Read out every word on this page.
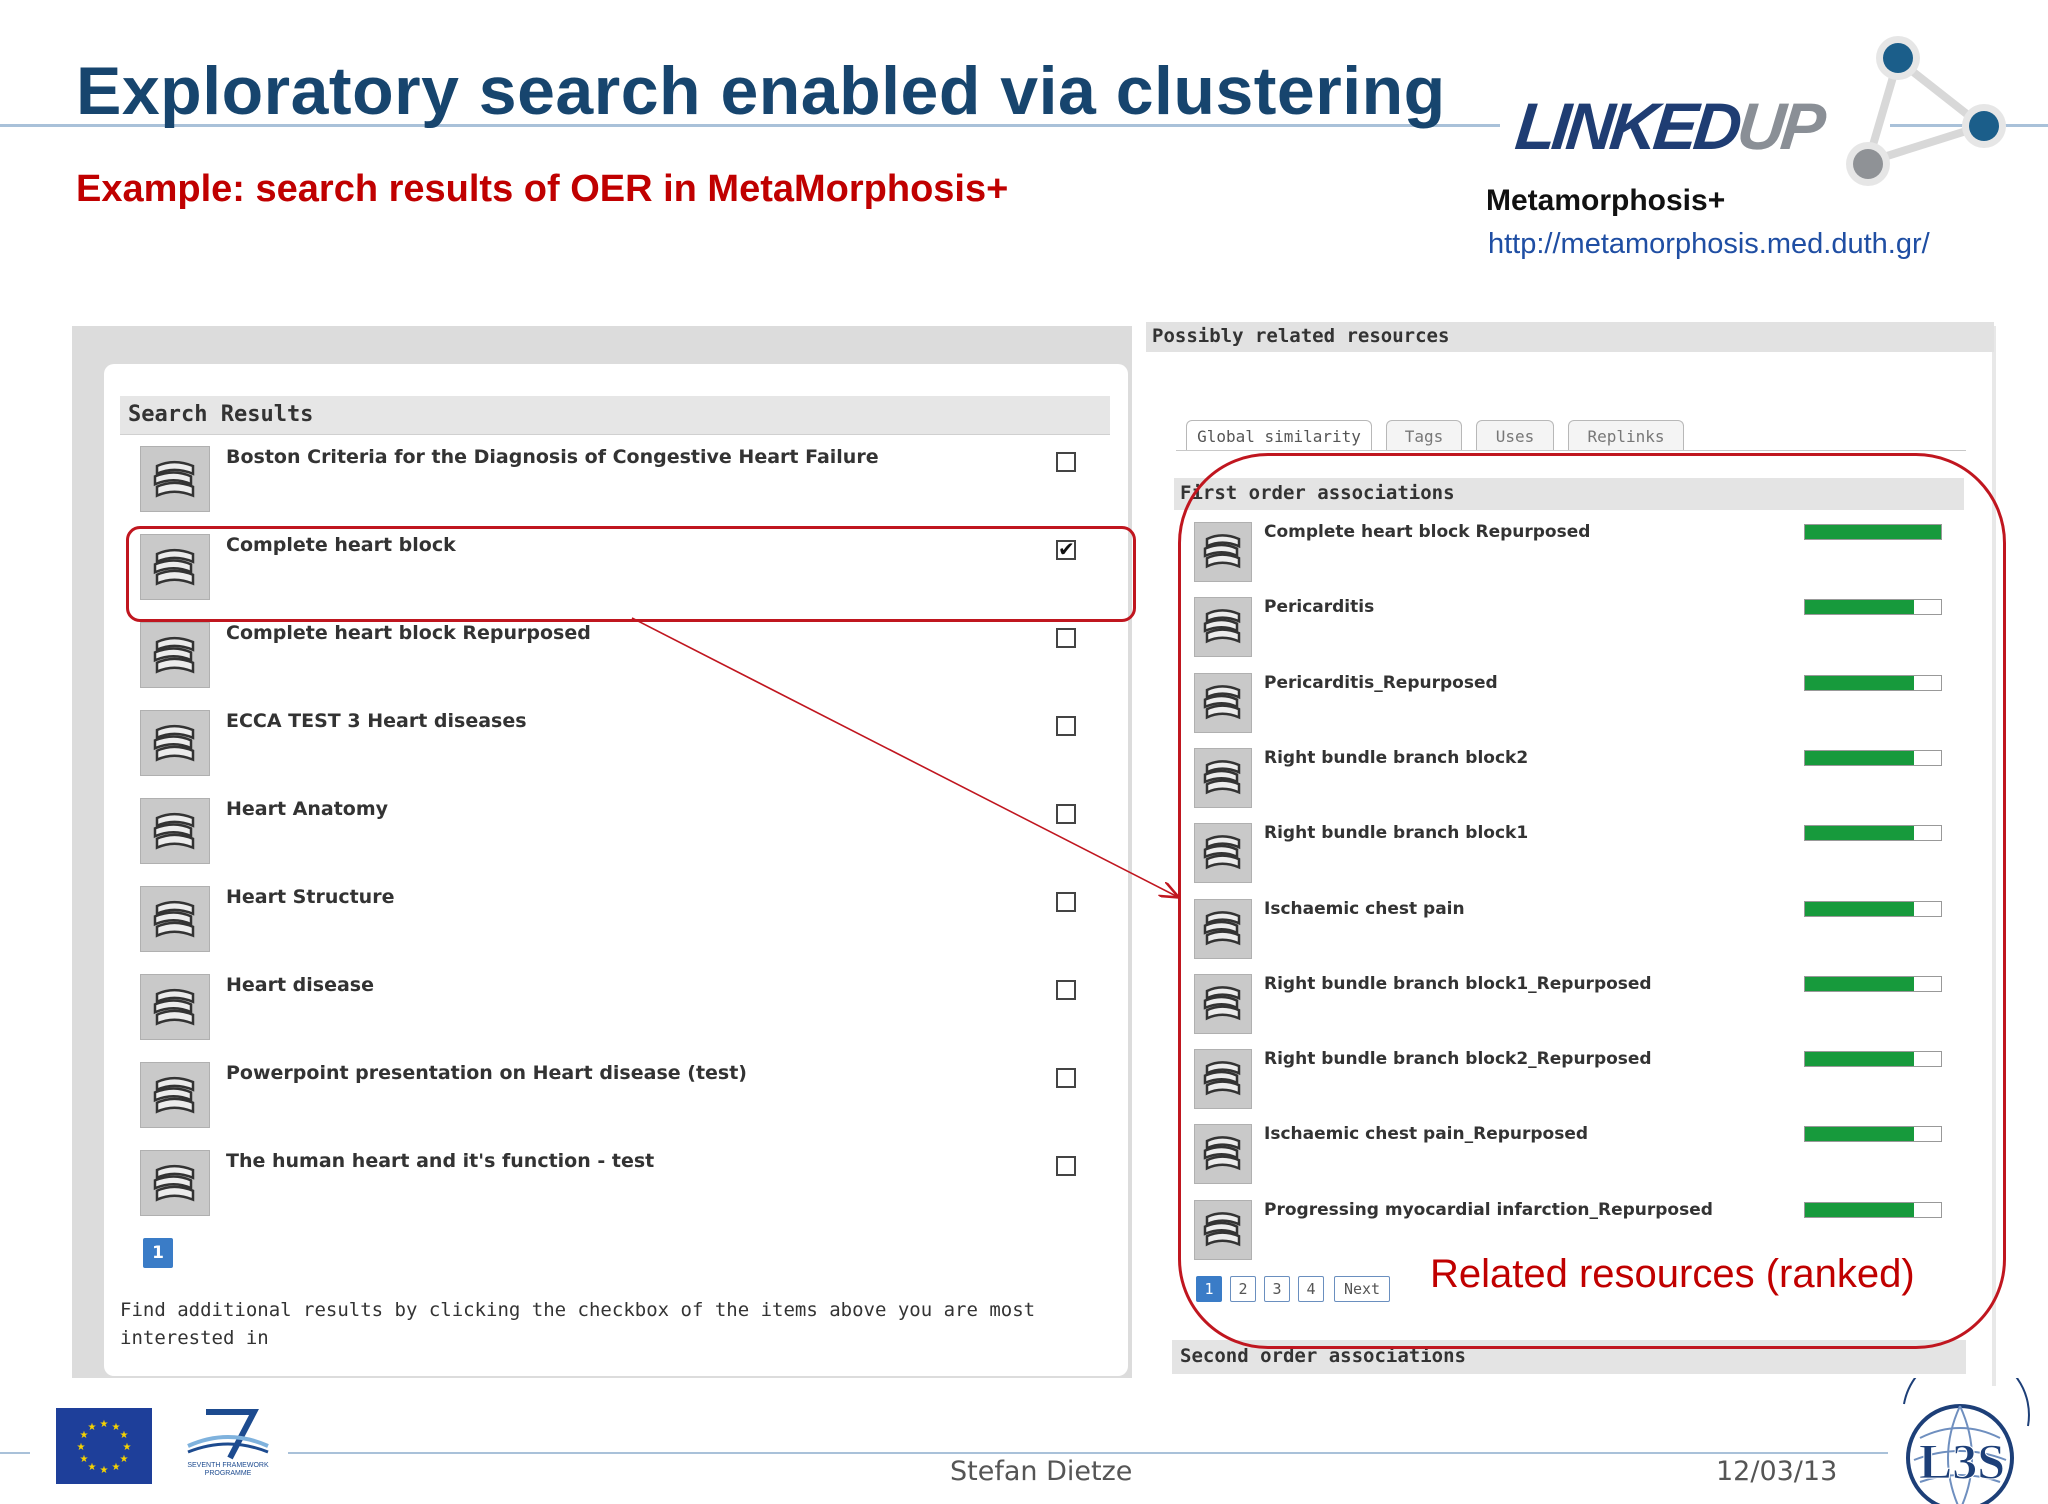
Exploratory search enabled via clustering
Example: search results of OER in MetaMorphosis+
LINKEDUP
Metamorphosis+
http://metamorphosis.med.duth.gr/
Search Results
Boston Criteria for the Diagnosis of Congestive Heart Failure
Complete heart block
✔
Complete heart block Repurposed
ECCA TEST 3 Heart diseases
Heart Anatomy
Heart Structure
Heart disease
Powerpoint presentation on Heart disease (test)
The human heart and it's function - test
1
Find additional results by clicking the checkbox of the items above you are most interested in
Possibly related resources
Global similarity	Tags	Uses	Replinks
First order associations
Complete heart block Repurposed
Pericarditis
Pericarditis_Repurposed
Right bundle branch block2
Right bundle branch block1
Ischaemic chest pain
Right bundle branch block1_Repurposed
Right bundle branch block2_Repurposed
Ischaemic chest pain_Repurposed
Progressing myocardial infarction_Repurposed
1	2	3	4	Next
Second order associations
Related resources (ranked)
★ ★
★
★
★
★
★
★
★
★
★
★
SEVENTH FRAMEWORK
PROGRAMME	Stefan Dietze	12/03/13 L3S
